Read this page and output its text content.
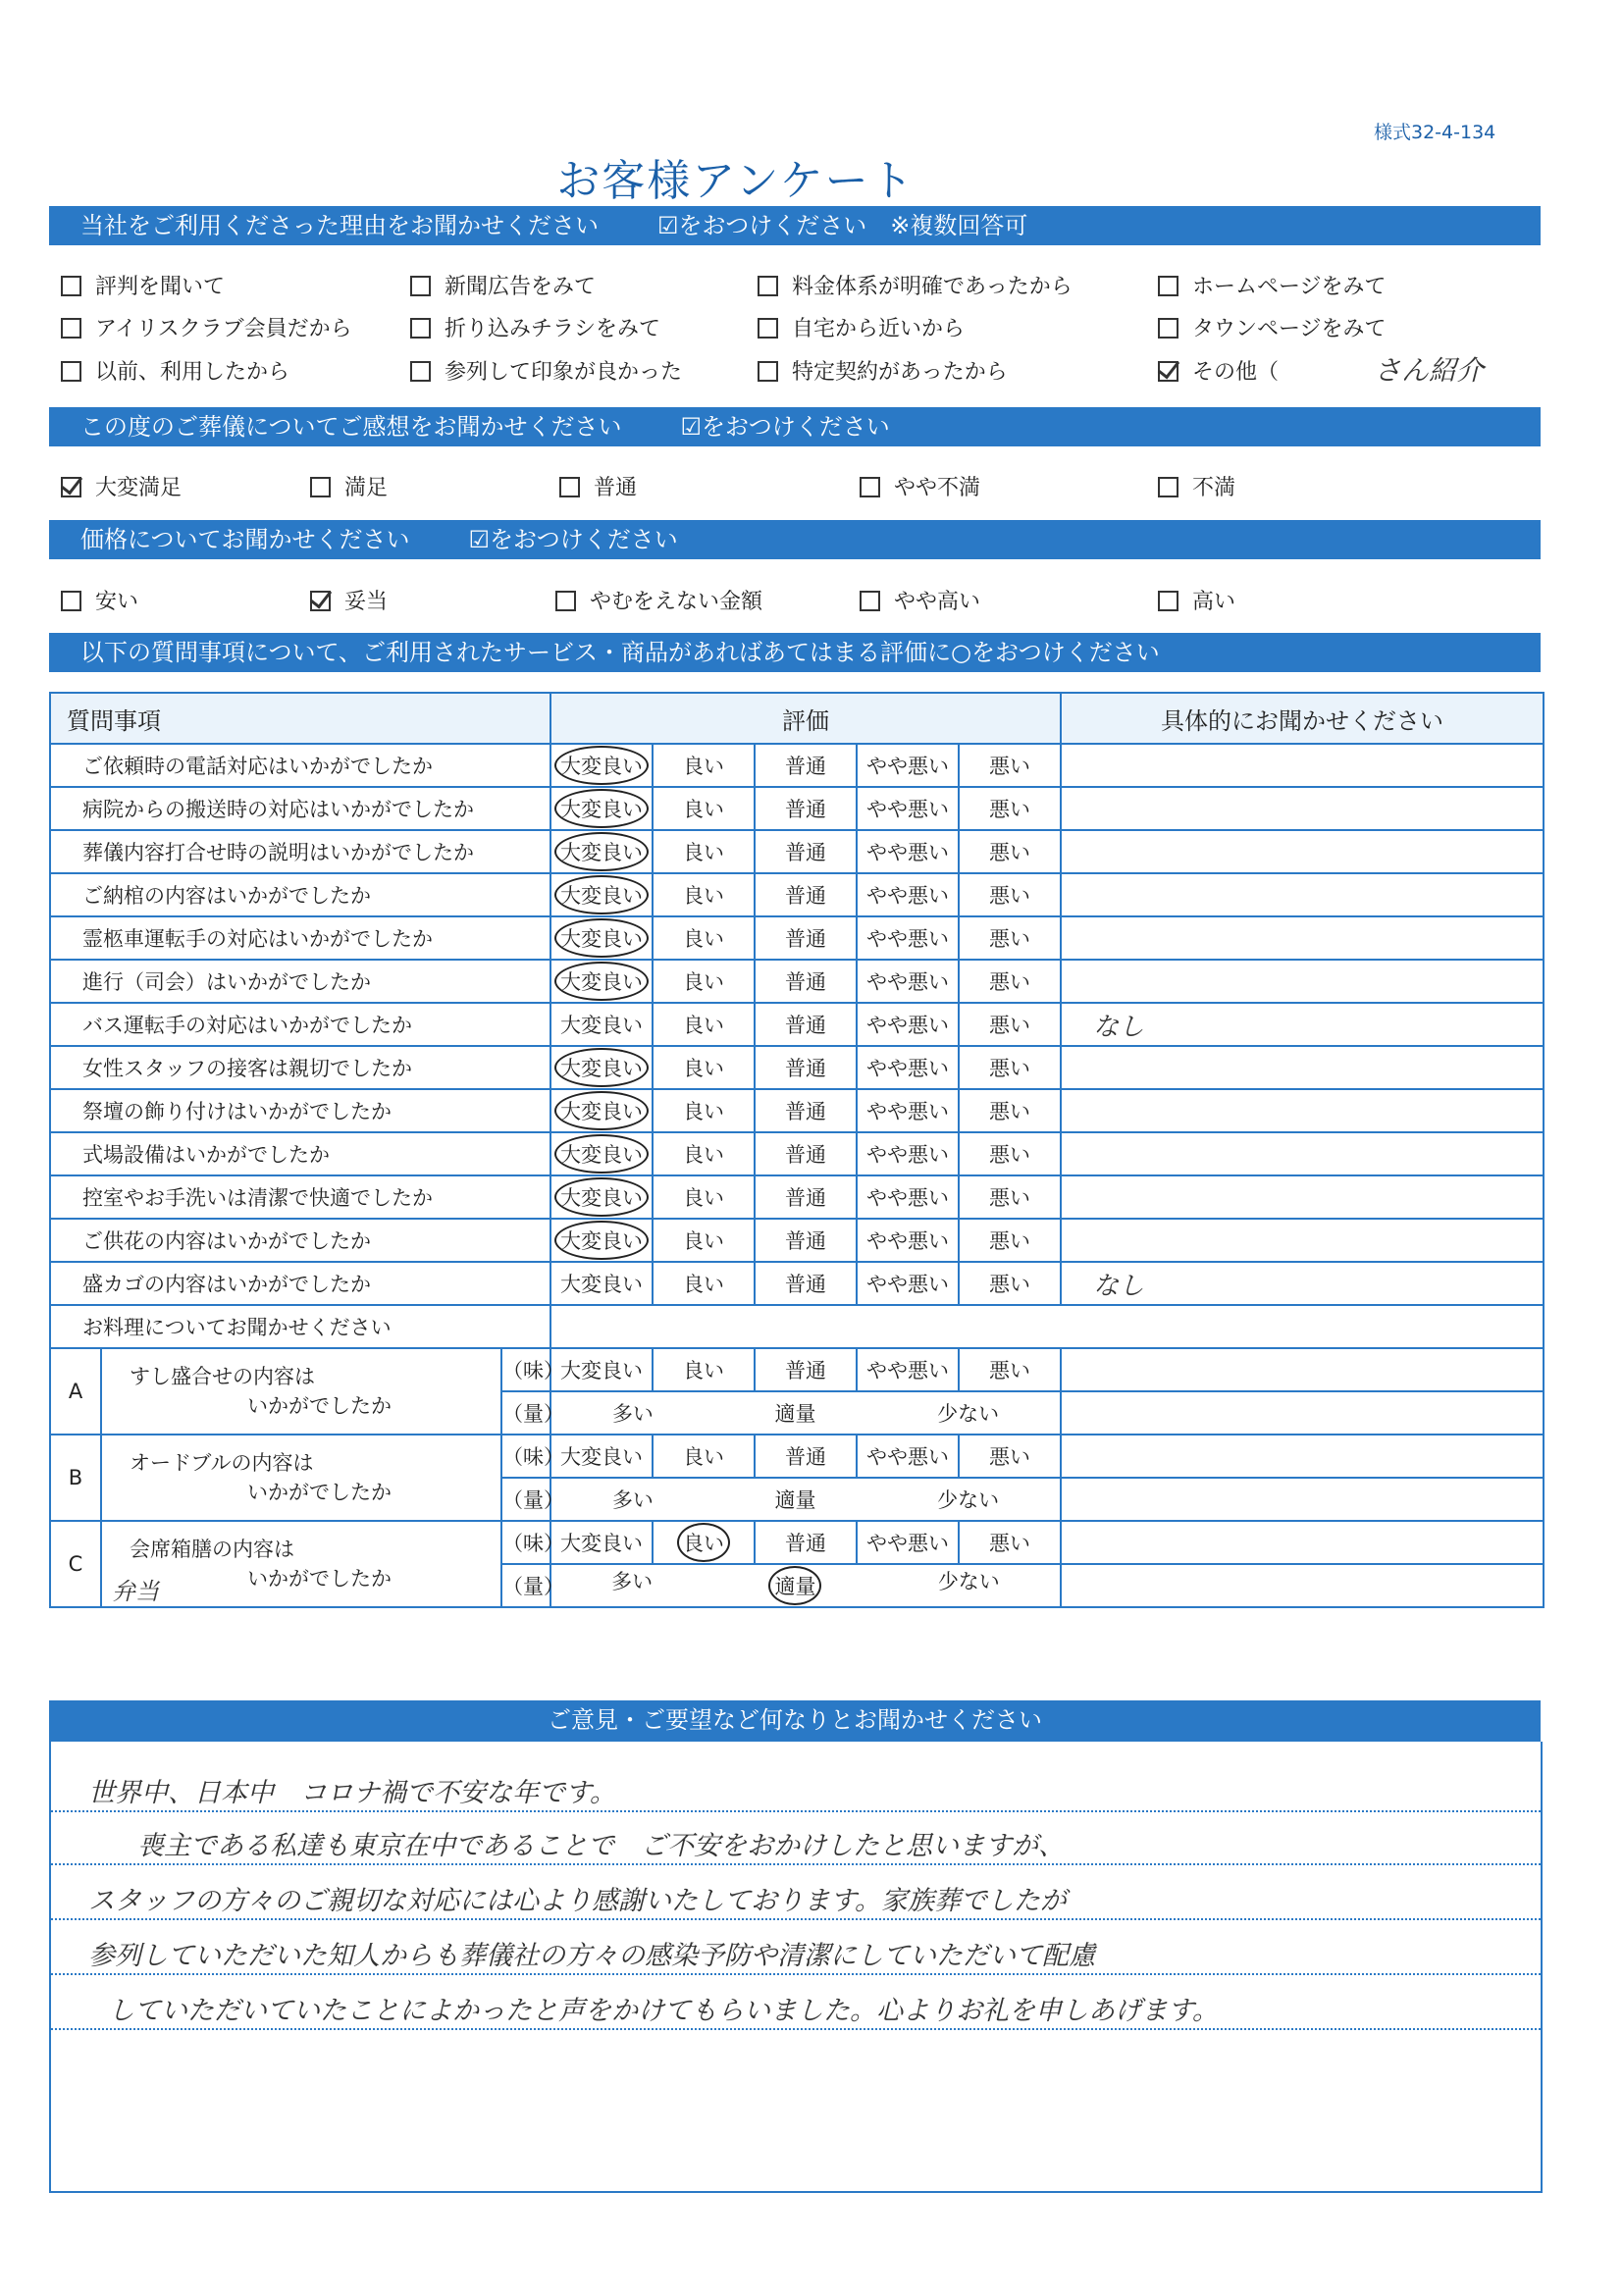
様式32-4-134
お客様アンケート
当社をご利用くださった理由をお聞かせください	☑をおつけください　※複数回答可
評判を聞いて	新聞広告をみて	料金体系が明確であったから	ホームページをみて
アイリスクラブ会員だから	折り込みチラシをみて	自宅から近いから	タウンページをみて
以前、利用したから	参列して印象が良かった	特定契約があったから	その他（	さん紹介
この度のご葬儀についてご感想をお聞かせください	☑をおつけください
大変満足	満足	普通	やや不満	不満
価格についてお聞かせください	☑をおつけください
安い	妥当	やむをえない金額	やや高い	高い
以下の質問事項について、ご利用されたサービス・商品があればあてはまる評価に○をおつけください
質問事項			評価					具体的にお聞かせください
ご依頼時の電話対応はいかがでしたか			大変良い	良い	普通	やや悪い	悪い	
病院からの搬送時の対応はいかがでしたか			大変良い	良い	普通	やや悪い	悪い	
葬儀内容打合せ時の説明はいかがでしたか			大変良い	良い	普通	やや悪い	悪い	
ご納棺の内容はいかがでしたか			大変良い	良い	普通	やや悪い	悪い	
霊柩車運転手の対応はいかがでしたか			大変良い	良い	普通	やや悪い	悪い	
進行（司会）はいかがでしたか			大変良い	良い	普通	やや悪い	悪い	
バス運転手の対応はいかがでしたか			大変良い	良い	普通	やや悪い	悪い	なし
女性スタッフの接客は親切でしたか			大変良い	良い	普通	やや悪い	悪い	
祭壇の飾り付けはいかがでしたか			大変良い	良い	普通	やや悪い	悪い	
式場設備はいかがでしたか			大変良い	良い	普通	やや悪い	悪い	
控室やお手洗いは清潔で快適でしたか			大変良い	良い	普通	やや悪い	悪い	
ご供花の内容はいかがでしたか			大変良い	良い	普通	やや悪い	悪い	
盛カゴの内容はいかがでしたか			大変良い	良い	普通	やや悪い	悪い	なし
お料理についてお聞かせください								
A	すし盛合せの内容は
いかがでしたか	（味）	大変良い	良い	普通	やや悪い	悪い	
		（量）	多い 適量 少ない					

B	オードブルの内容は
いかがでしたか	（味）	大変良い	良い	普通	やや悪い	悪い	
		（量）	多い 適量 少ない					

C	会席箱膳の内容は
いかがでしたか
弁当	（味）	大変良い	良い	普通	やや悪い	悪い	
		（量）	多い 適量 少ない					

ご意見・ご要望など何なりとお聞かせください
世界中、日本中　コロナ禍で不安な年です。
喪主である私達も東京在中であることで　ご不安をおかけしたと思いますが、
スタッフの方々のご親切な対応には心より感謝いたしております。家族葬でしたが
参列していただいた知人からも葬儀社の方々の感染予防や清潔にしていただいて配慮
していただいていたことによかったと声をかけてもらいました。心よりお礼を申しあげます。
